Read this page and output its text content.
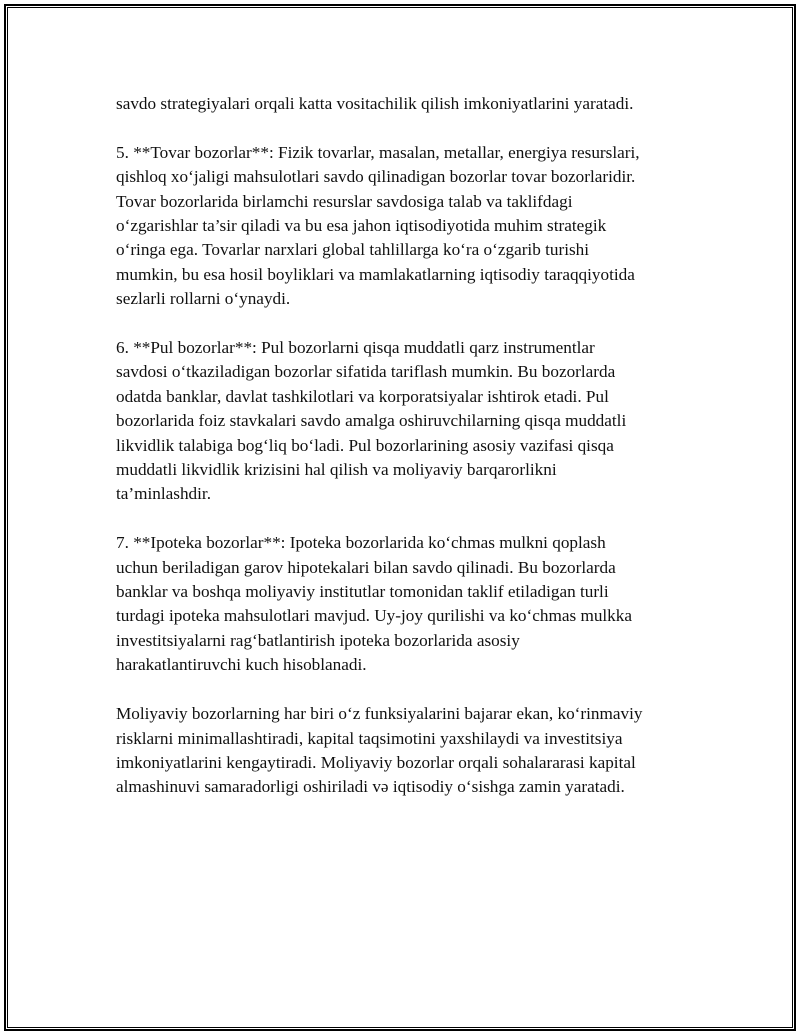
savdo strategiyalari orqali katta vositachilik qilish imkoniyatlarini yaratadi.

5. **Tovar bozorlar**: Fizik tovarlar, masalan, metallar, energiya resurslari,
qishloq xo‘jaligi mahsulotlari savdo qilinadigan bozorlar tovar bozorlaridir.
Tovar bozorlarida birlamchi resurslar savdosiga talab va taklifdagi
o‘zgarishlar ta’sir qiladi va bu esa jahon iqtisodiyotida muhim strategik
o‘ringa ega. Tovarlar narxlari global tahlillarga ko‘ra o‘zgarib turishi
mumkin, bu esa hosil boyliklari va mamlakatlarning iqtisodiy taraqqiyotida
sezlarli rollarni o‘ynaydi.

6. **Pul bozorlar**: Pul bozorlarni qisqa muddatli qarz instrumentlar
savdosi o‘tkaziladigan bozorlar sifatida tariflash mumkin. Bu bozorlarda
odatda banklar, davlat tashkilotlari va korporatsiyalar ishtirok etadi. Pul
bozorlarida foiz stavkalari savdo amalga oshiruvchilarning qisqa muddatli
likvidlik talabiga bog‘liq bo‘ladi. Pul bozorlarining asosiy vazifasi qisqa
muddatli likvidlik krizisini hal qilish va moliyaviy barqarorlikni
ta’minlashdir.

7. **Ipoteka bozorlar**: Ipoteka bozorlarida ko‘chmas mulkni qoplash
uchun beriladigan garov hipotekalari bilan savdo qilinadi. Bu bozorlarda
banklar va boshqa moliyaviy institutlar tomonidan taklif etiladigan turli
turdagi ipoteka mahsulotlari mavjud. Uy-joy qurilishi va ko‘chmas mulkka
investitsiyalarni rag‘batlantirish ipoteka bozorlarida asosiy
harakatlantiruvchi kuch hisoblanadi.

Moliyaviy bozorlarning har biri o‘z funksiyalarini bajarar ekan, ko‘rinmaviy
risklarni minimallashtiradi, kapital taqsimotini yaxshilaydi va investitsiya
imkoniyatlarini kengaytiradi. Moliyaviy bozorlar orqali sohalararasi kapital
almashinuvi samaradorligi oshiriladi və iqtisodiy o‘sishga zamin yaratadi.
